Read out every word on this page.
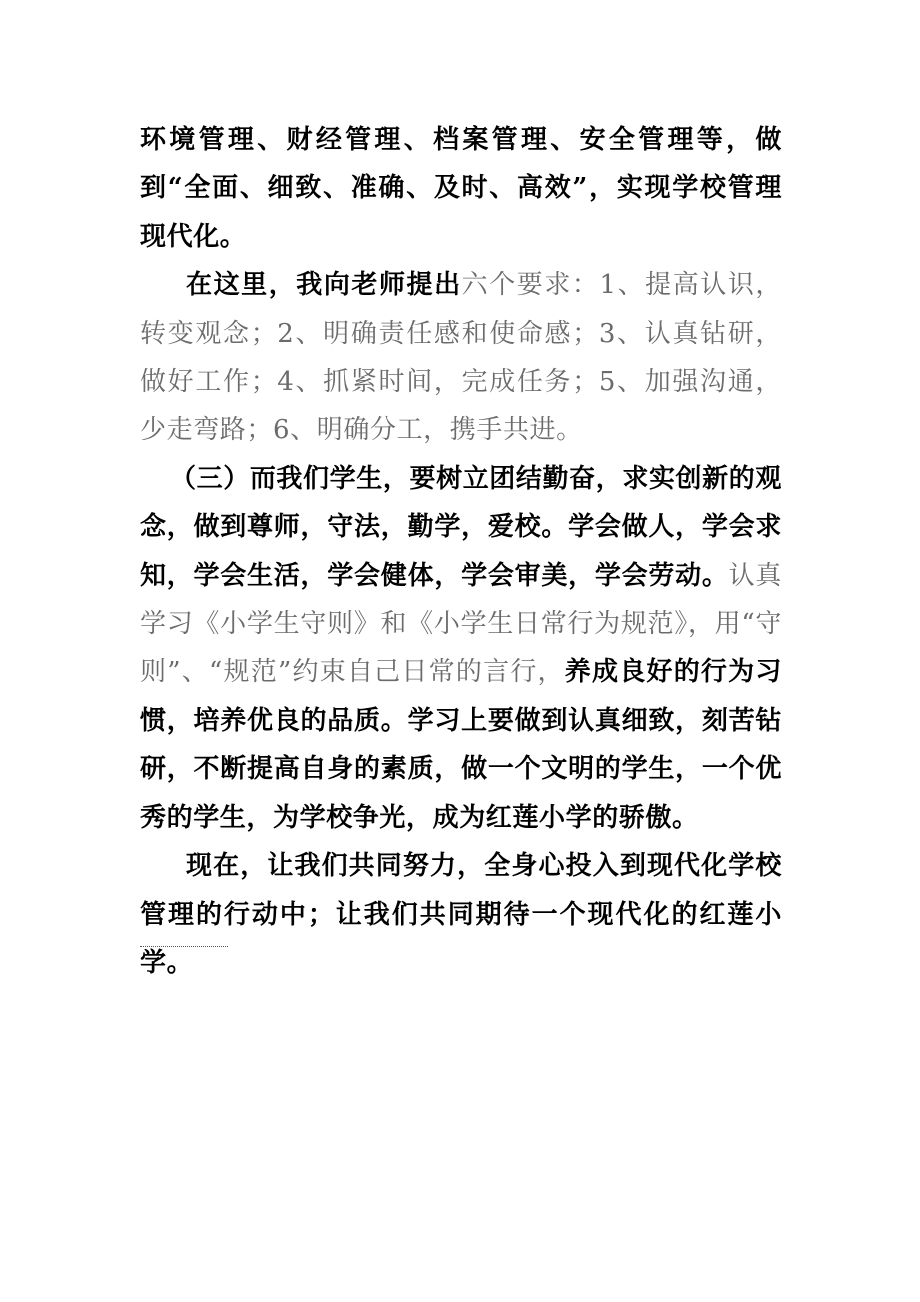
环境管理、财经管理、档案管理、安全管理等，做到“全面、细致、准确、及时、高效”，实现学校管理现代化。

在这里，我向老师提出六个要求：1、提高认识，转变观念；2、明确责任感和使命感；3、认真钻研，做好工作；4、抓紧时间，完成任务；5、加强沟通，少走弯路；6、明确分工，携手共进。

（三）而我们学生，要树立团结勤奋，求实创新的观念，做到尊师，守法，勤学，爱校。学会做人，学会求知，学会生活，学会健体，学会审美，学会劳动。认真学习《小学生守则》和《小学生日常行为规范》，用“守则”、“规范”约束自己日常的言行，养成良好的行为习惯，培养优良的品质。学习上要做到认真细致，刻苦钻研，不断提高自身的素质，做一个文明的学生，一个优秀的学生，为学校争光，成为红莲小学的骄傲。

现在，让我们共同努力，全身心投入到现代化学校管理的行动中；让我们共同期待一个现代化的红莲小学。
